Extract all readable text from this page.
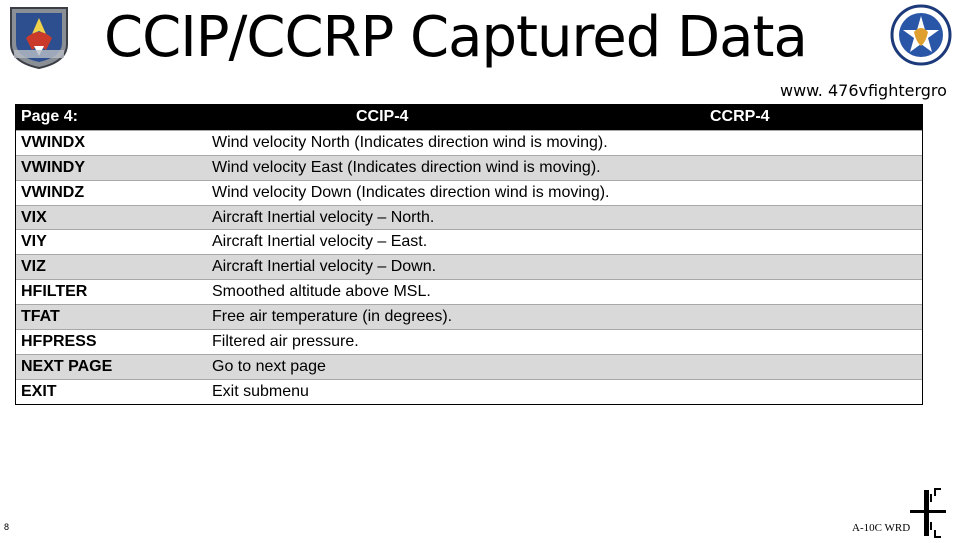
CCIP/CCRP Captured Data
www. 476vfightergro
Page 4:	CCIP-4	CCRP-4
VWINDX	Wind velocity North (Indicates direction wind is moving).
VWINDY	Wind velocity East (Indicates direction wind is moving).
VWINDZ	Wind velocity Down (Indicates direction wind is moving).
VIX	Aircraft Inertial velocity – North.
VIY	Aircraft Inertial velocity – East.
VIZ	Aircraft Inertial velocity – Down.
HFILTER	Smoothed altitude above MSL.
TFAT	Free air temperature (in degrees).
HFPRESS	Filtered air pressure.
NEXT PAGE	Go to next page
EXIT	Exit submenu
8	A-10C WRD
